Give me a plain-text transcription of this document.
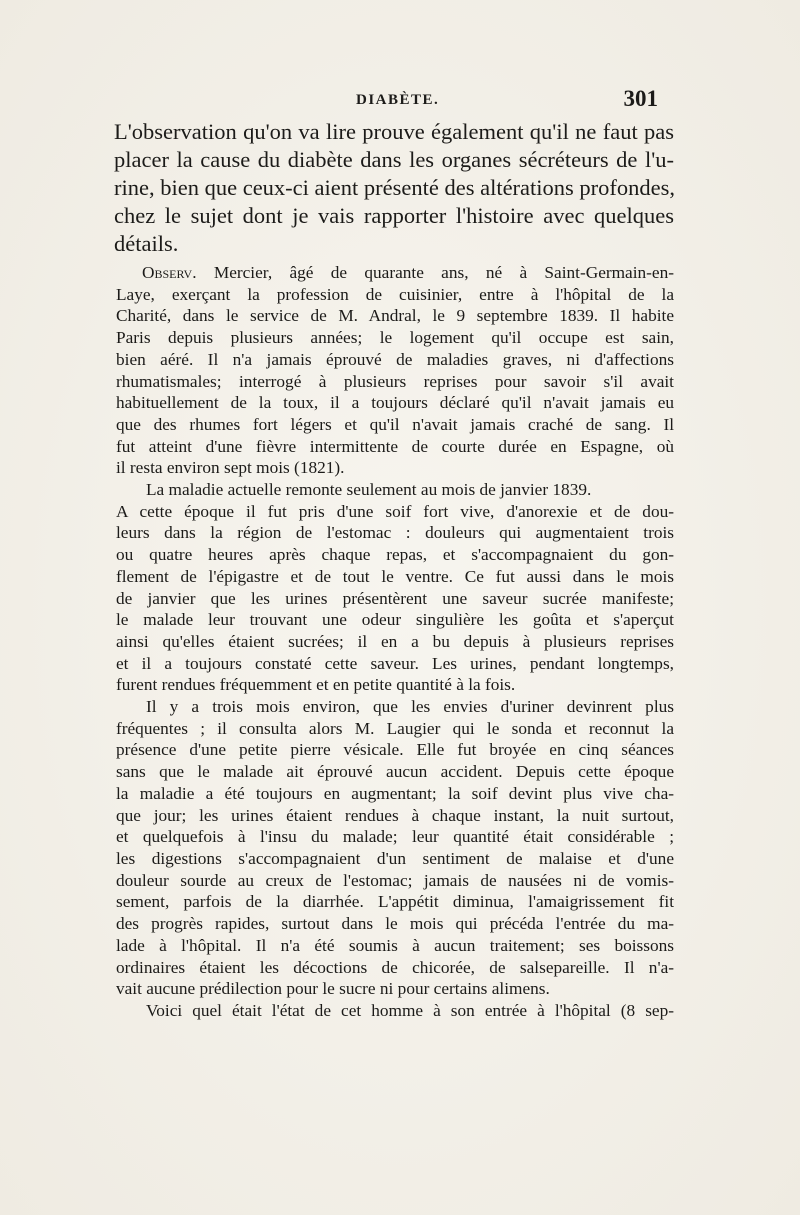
DIABÈTE.	301
L'observation qu'on va lire prouve également qu'il ne faut pas
placer la cause du diabète dans les organes sécréteurs de l'u-
rine, bien que ceux-ci aient présenté des altérations profondes,
chez le sujet dont je vais rapporter l'histoire avec quelques
détails.
Observ. Mercier, âgé de quarante ans, né à Saint-Germain-en-
Laye, exerçant la profession de cuisinier, entre à l'hôpital de la
Charité, dans le service de M. Andral, le 9 septembre 1839. Il habite
Paris depuis plusieurs années; le logement qu'il occupe est sain,
bien aéré. Il n'a jamais éprouvé de maladies graves, ni d'affections
rhumatismales; interrogé à plusieurs reprises pour savoir s'il avait
habituellement de la toux, il a toujours déclaré qu'il n'avait jamais eu
que des rhumes fort légers et qu'il n'avait jamais craché de sang. Il
fut atteint d'une fièvre intermittente de courte durée en Espagne, où
il resta environ sept mois (1821).
La maladie actuelle remonte seulement au mois de janvier 1839.
A cette époque il fut pris d'une soif fort vive, d'anorexie et de dou-
leurs dans la région de l'estomac : douleurs qui augmentaient trois
ou quatre heures après chaque repas, et s'accompagnaient du gon-
flement de l'épigastre et de tout le ventre. Ce fut aussi dans le mois
de janvier que les urines présentèrent une saveur sucrée manifeste;
le malade leur trouvant une odeur singulière les goûta et s'aperçut
ainsi qu'elles étaient sucrées; il en a bu depuis à plusieurs reprises
et il a toujours constaté cette saveur. Les urines, pendant longtemps,
furent rendues fréquemment et en petite quantité à la fois.
Il y a trois mois environ, que les envies d'uriner devinrent plus
fréquentes ; il consulta alors M. Laugier qui le sonda et reconnut la
présence d'une petite pierre vésicale. Elle fut broyée en cinq séances
sans que le malade ait éprouvé aucun accident. Depuis cette époque
la maladie a été toujours en augmentant; la soif devint plus vive cha-
que jour; les urines étaient rendues à chaque instant, la nuit surtout,
et quelquefois à l'insu du malade; leur quantité était considérable ;
les digestions s'accompagnaient d'un sentiment de malaise et d'une
douleur sourde au creux de l'estomac; jamais de nausées ni de vomis-
sement, parfois de la diarrhée. L'appétit diminua, l'amaigrissement fit
des progrès rapides, surtout dans le mois qui précéda l'entrée du ma-
lade à l'hôpital. Il n'a été soumis à aucun traitement; ses boissons
ordinaires étaient les décoctions de chicorée, de salsepareille. Il n'a-
vait aucune prédilection pour le sucre ni pour certains alimens.
Voici quel était l'état de cet homme à son entrée à l'hôpital (8 sep-
